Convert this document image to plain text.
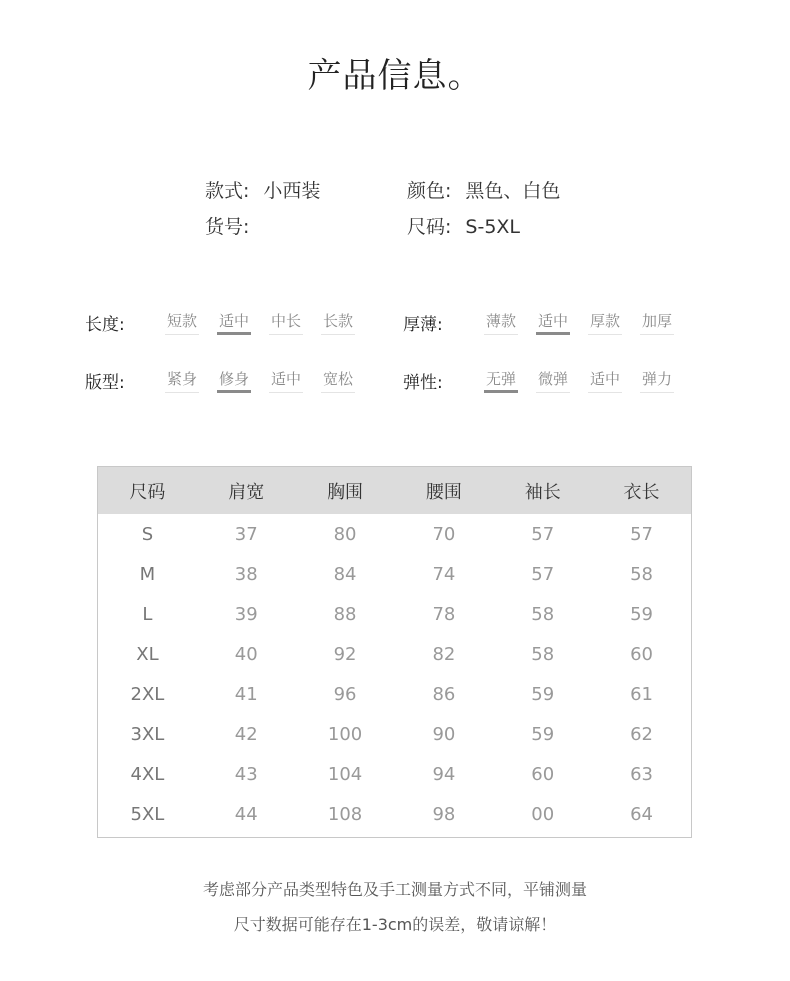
产品信息。
款式: 小西装	颜色: 黑色、白色
货号:	尺码: S-5XL
长度:	短款 适中 中长 长款	厚薄:	薄款 适中 厚款 加厚
版型:	紧身 修身 适中 宽松	弹性:	无弹 微弹 适中 弹力
尺码	肩宽	胸围	腰围	袖长	衣长
S	37	80	70	57	57
M	38	84	74	57	58
L	39	88	78	58	59
XL	40	92	82	58	60
2XL	41	96	86	59	61
3XL	42	100	90	59	62
4XL	43	104	94	60	63
5XL	44	108	98	00	64
考虑部分产品类型特色及手工测量方式不同，平铺测量
尺寸数据可能存在1-3cm的误差，敬请谅解！
